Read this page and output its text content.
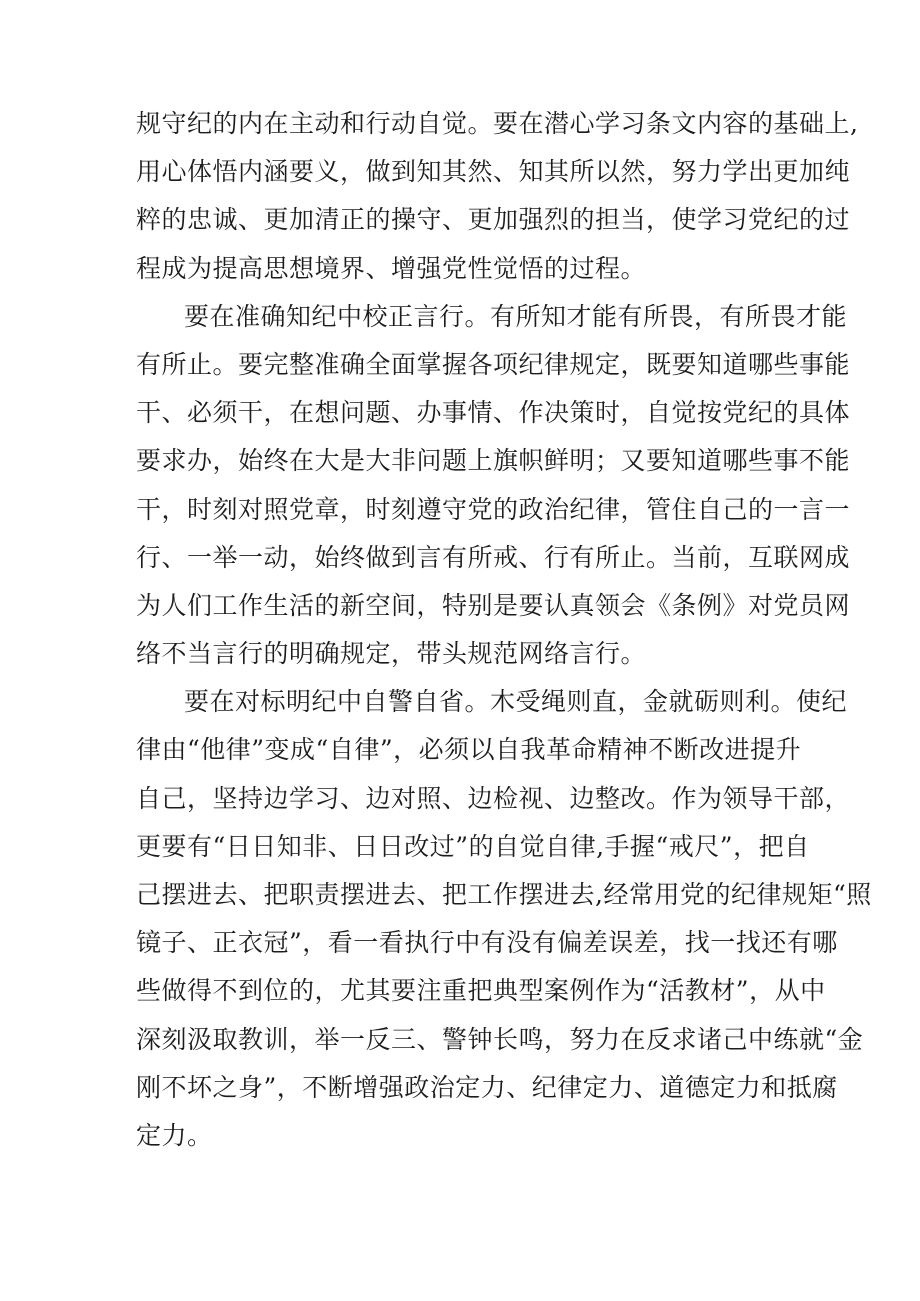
规守纪的内在主动和行动自觉。要在潜心学习条文内容的基础上,
用心体悟内涵要义，做到知其然、知其所以然，努力学出更加纯
粹的忠诚、更加清正的操守、更加强烈的担当，使学习党纪的过
程成为提高思想境界、增强党性觉悟的过程。
要在准确知纪中校正言行。有所知才能有所畏，有所畏才能
有所止。要完整准确全面掌握各项纪律规定，既要知道哪些事能
干、必须干，在想问题、办事情、作决策时，自觉按党纪的具体
要求办，始终在大是大非问题上旗帜鲜明；又要知道哪些事不能
干，时刻对照党章，时刻遵守党的政治纪律，管住自己的一言一
行、一举一动，始终做到言有所戒、行有所止。当前，互联网成
为人们工作生活的新空间，特别是要认真领会《条例》对党员网
络不当言行的明确规定，带头规范网络言行。
要在对标明纪中自警自省。木受绳则直，金就砺则利。使纪
律由“他律”变成“自律”，必须以自我革命精神不断改进提升
自己，坚持边学习、边对照、边检视、边整改。作为领导干部，
更要有“日日知非、日日改过”的自觉自律,手握“戒尺”，把自
己摆进去、把职责摆进去、把工作摆进去,经常用党的纪律规矩“照
镜子、正衣冠”，看一看执行中有没有偏差误差，找一找还有哪
些做得不到位的，尤其要注重把典型案例作为“活教材”，从中
深刻汲取教训，举一反三、警钟长鸣，努力在反求诸己中练就“金
刚不坏之身”，不断增强政治定力、纪律定力、道德定力和抵腐
定力。
